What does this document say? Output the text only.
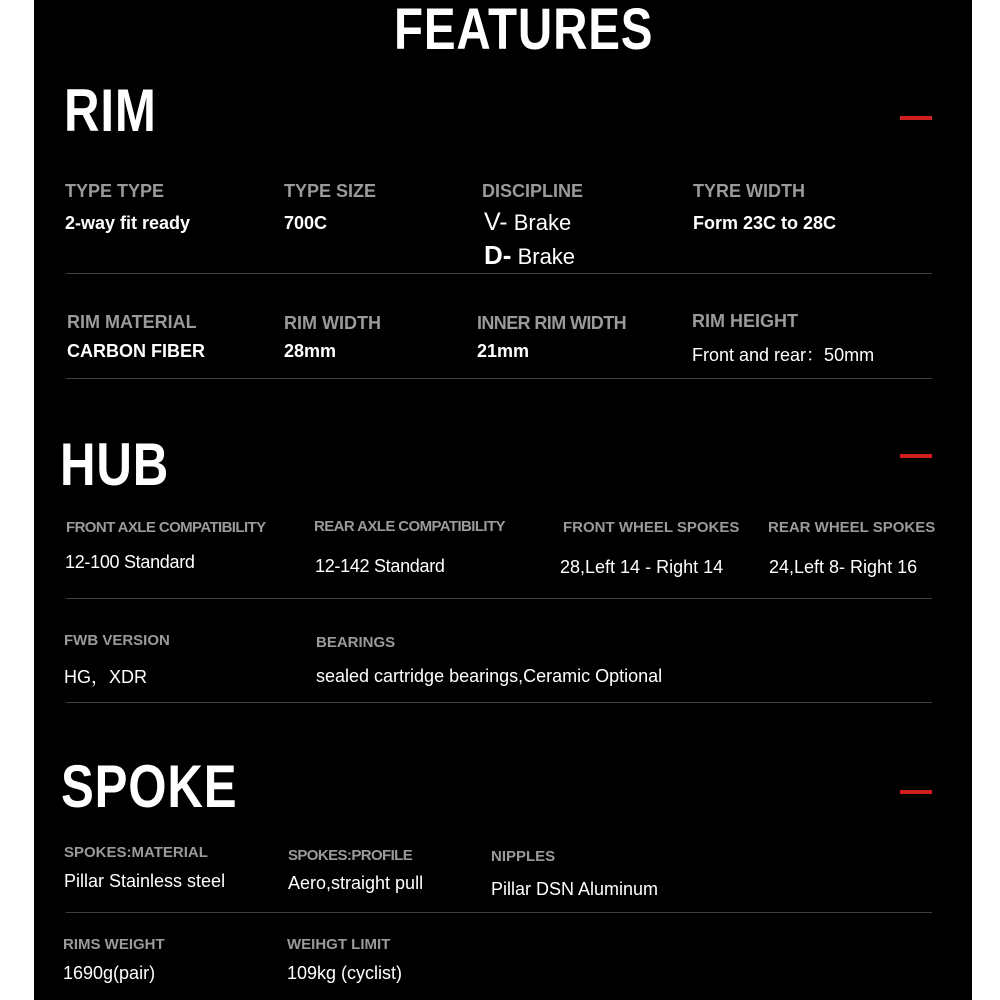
FEATURES
RIM
TYPE TYPE
2-way fit ready
TYPE SIZE
700C
DISCIPLINE
V- Brake
D- Brake
TYRE WIDTH
Form 23C to 28C
RIM MATERIAL
CARBON FIBER
RIM WIDTH
28mm
INNER RIM WIDTH
21mm
RIM HEIGHT
Front and rear：50mm
HUB
FRONT AXLE COMPATIBILITY
12-100 Standard
REAR AXLE COMPATIBILITY
12-142 Standard
FRONT WHEEL SPOKES
28,Left 14 - Right 14
REAR WHEEL SPOKES
24,Left 8- Right 16
FWB VERSION
HG，XDR
BEARINGS
sealed cartridge bearings,Ceramic Optional
SPOKE
SPOKES:MATERIAL
Pillar Stainless steel
SPOKES:PROFILE
Aero,straight pull
NIPPLES
Pillar DSN Aluminum
RIMS WEIGHT
1690g(pair)
WEIHGT LIMIT
109kg (cyclist)
